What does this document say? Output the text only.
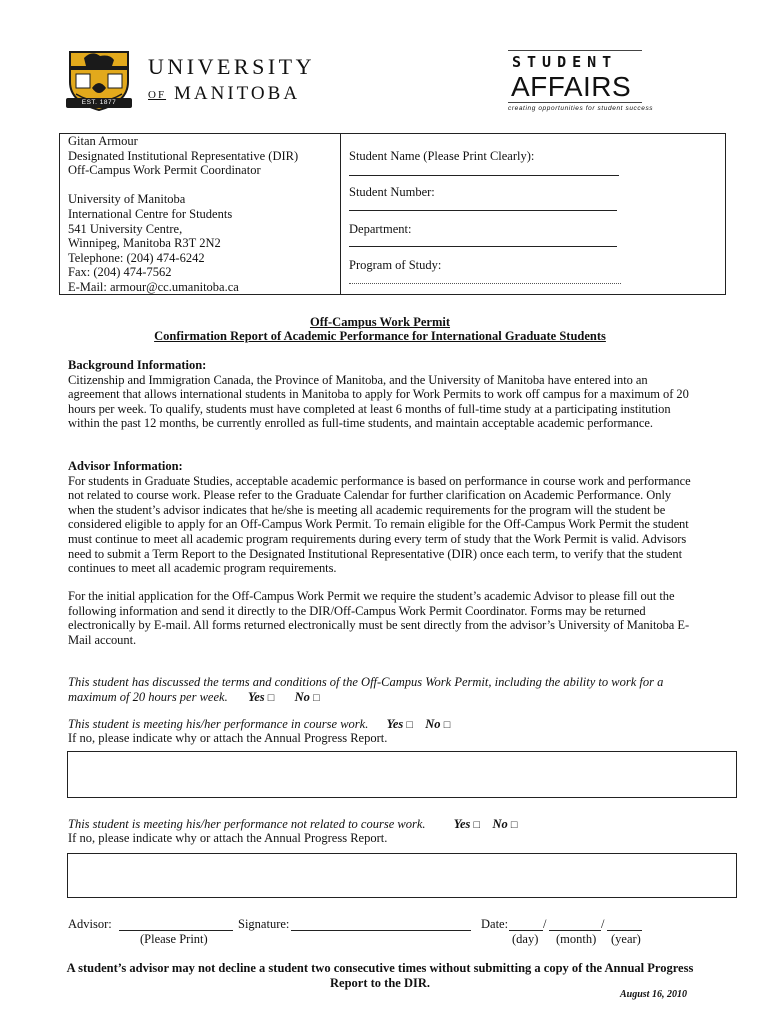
EST. 1877
UNIVERSITY
OF MANITOBA
STUDENT
AFFAIRS
creating opportunities for student success
Gitan Armour
Designated Institutional Representative (DIR)
Off-Campus Work Permit Coordinator
University of Manitoba
International Centre for Students
541 University Centre,
Winnipeg, Manitoba R3T 2N2
Telephone: (204) 474-6242
Fax: (204) 474-7562
E-Mail: armour@cc.umanitoba.ca
Student Name (Please Print Clearly):
Student Number:
Department:
Program of Study:
Off-Campus Work Permit
Confirmation Report of Academic Performance for International Graduate Students
Background Information:
Citizenship and Immigration Canada, the Province of Manitoba, and the University of Manitoba have entered into an agreement that allows international students in Manitoba to apply for Work Permits to work off campus for a maximum of 20 hours per week. To qualify, students must have completed at least 6 months of full-time study at a participating institution within the past 12 months, be currently enrolled as full-time students, and maintain acceptable academic performance.
Advisor Information:
For students in Graduate Studies, acceptable academic performance is based on performance in course work and performance not related to course work. Please refer to the Graduate Calendar for further clarification on Academic Performance. Only when the student’s advisor indicates that he/she is meeting all academic requirements for the program will the student be considered eligible to apply for an Off-Campus Work Permit. To remain eligible for the Off-Campus Work Permit the student must continue to meet all academic program requirements during every term of study that the Work Permit is valid. Advisors need to submit a Term Report to the Designated Institutional Representative (DIR) once each term, to verify that the student continues to meet all academic program requirements.
For the initial application for the Off-Campus Work Permit we require the student’s academic Advisor to please fill out the following information and send it directly to the DIR/Off-Campus Work Permit Coordinator. Forms may be returned electronically by E-mail. All forms returned electronically must be sent directly from the advisor’s University of Manitoba E-Mail account.
This student has discussed the terms and conditions of the Off-Campus Work Permit, including the ability to work for a maximum of 20 hours per week. Yes □ No □
This student is meeting his/her performance in course work. Yes □ No □
If no, please indicate why or attach the Annual Progress Report.
This student is meeting his/her performance not related to course work. Yes □ No □
If no, please indicate why or attach the Annual Progress Report.
Advisor:
(Please Print)
Signature:	Date:	/	/
(day) (month) (year)
A student’s advisor may not decline a student two consecutive times without submitting a copy of the Annual Progress Report to the DIR.
August 16, 2010
